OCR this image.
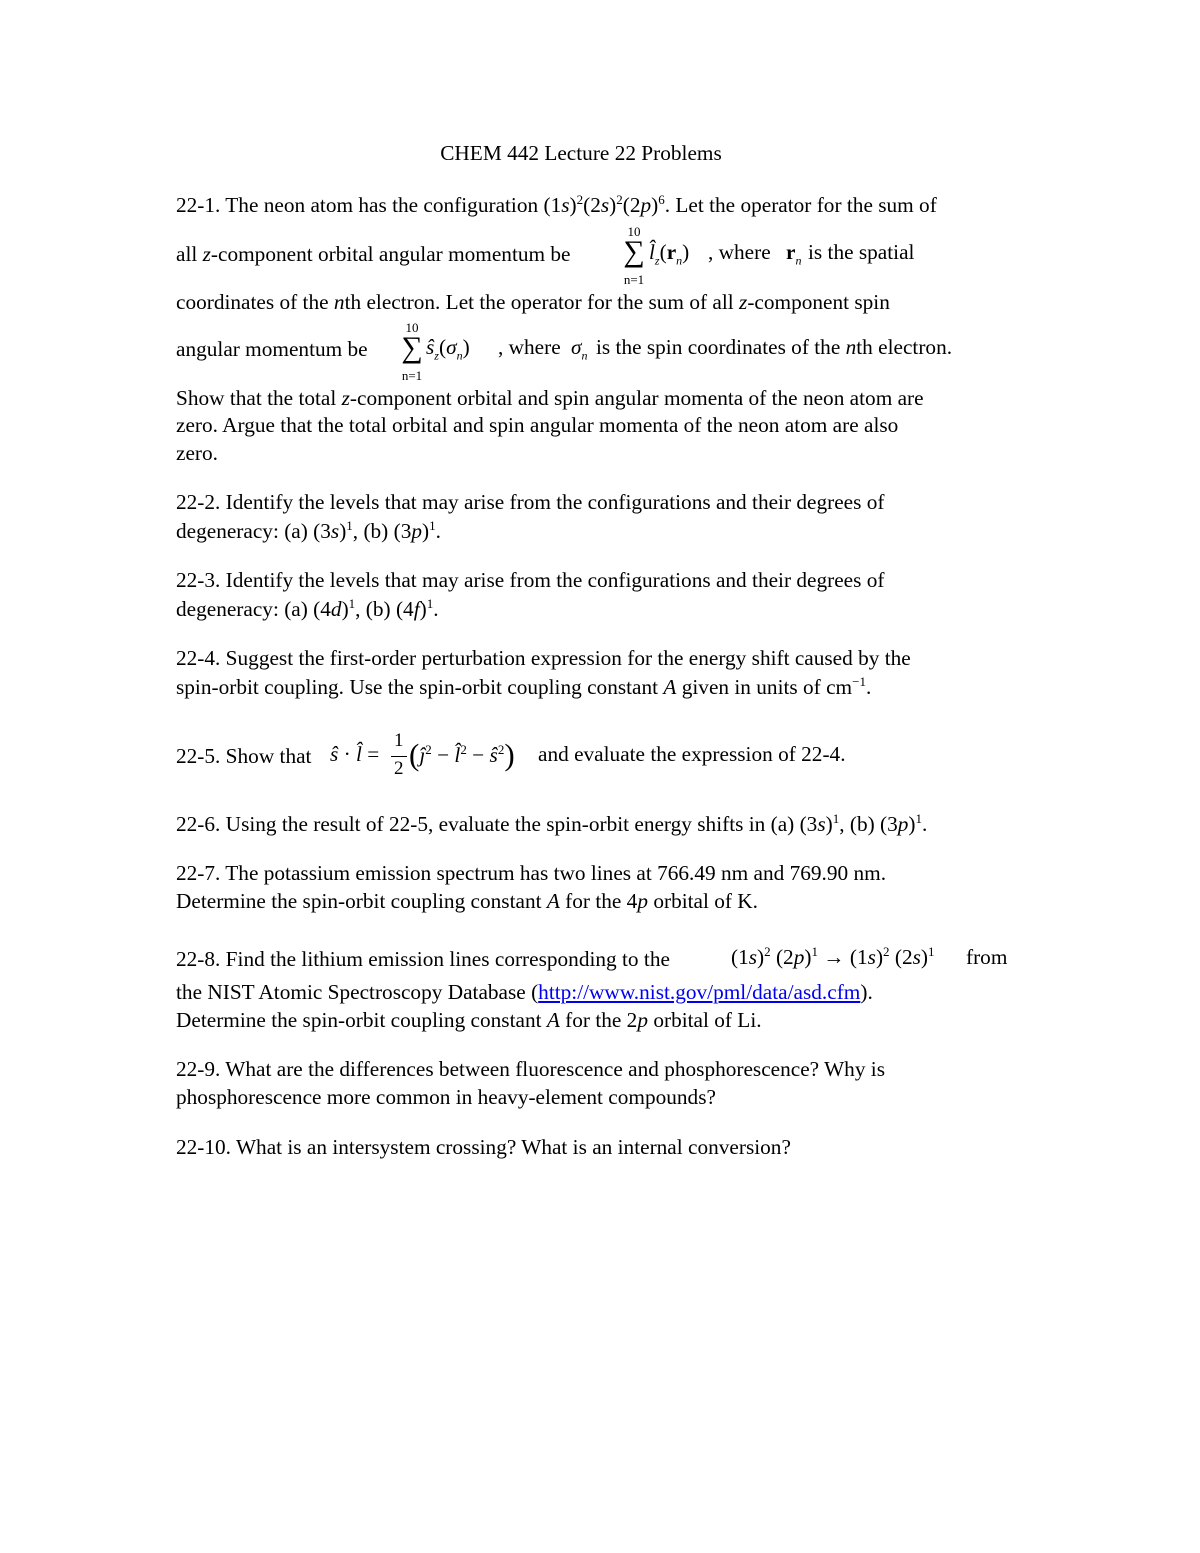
CHEM 442 Lecture 22 Problems
22-1. The neon atom has the configuration $(1s)^2(2s)^2(2p)^6$. Let the operator for the sum of
all z-component orbital angular momentum be
10
∑
n=1
$l̂_z(r_n)$ , where $r_n$ is the spatial
coordinates of the nth electron. Let the operator for the sum of all z-component spin
angular momentum be
10
∑
n=1
$ŝ_z(\sigma_n)$ , where $\sigma_n$ is the spin coordinates of the nth electron.
Show that the total z-component orbital and spin angular momenta of the neon atom are
zero. Argue that the total orbital and spin angular momenta of the neon atom are also
zero.
22-2. Identify the levels that may arise from the configurations and their degrees of
degeneracy: (a) $(3s)^1$, (b) $(3p)^1$.
22-3. Identify the levels that may arise from the configurations and their degrees of
degeneracy: (a) $(4d)^1$, (b) $(4f)^1$.
22-4. Suggest the first-order perturbation expression for the energy shift caused by the
spin-orbit coupling. Use the spin-orbit coupling constant A given in units of $cm^{-1}$.
22-5. Show that ŝ · l̂ =
1
2 ($ĵ^2$ − l̂$^2$ − $ŝ^2$) and evaluate the expression of 22-4.
22-6. Using the result of 22-5, evaluate the spin-orbit energy shifts in (a) $(3s)^1$, (b) $(3p)^1$.
22-7. The potassium emission spectrum has two lines at 766.49 nm and 769.90 nm.
Determine the spin-orbit coupling constant A for the 4p orbital of K.
22-8. Find the lithium emission lines corresponding to the	$(1s)^2$ $(2p)^1 \to (1s)^2$ $(2s)^1$ from
the NIST Atomic Spectroscopy Database (http://www.nist.gov/pml/data/asd.cfm).
Determine the spin-orbit coupling constant A for the 2p orbital of Li.
22-9. What are the differences between fluorescence and phosphorescence? Why is
phosphorescence more common in heavy-element compounds?
22-10. What is an intersystem crossing? What is an internal conversion?
